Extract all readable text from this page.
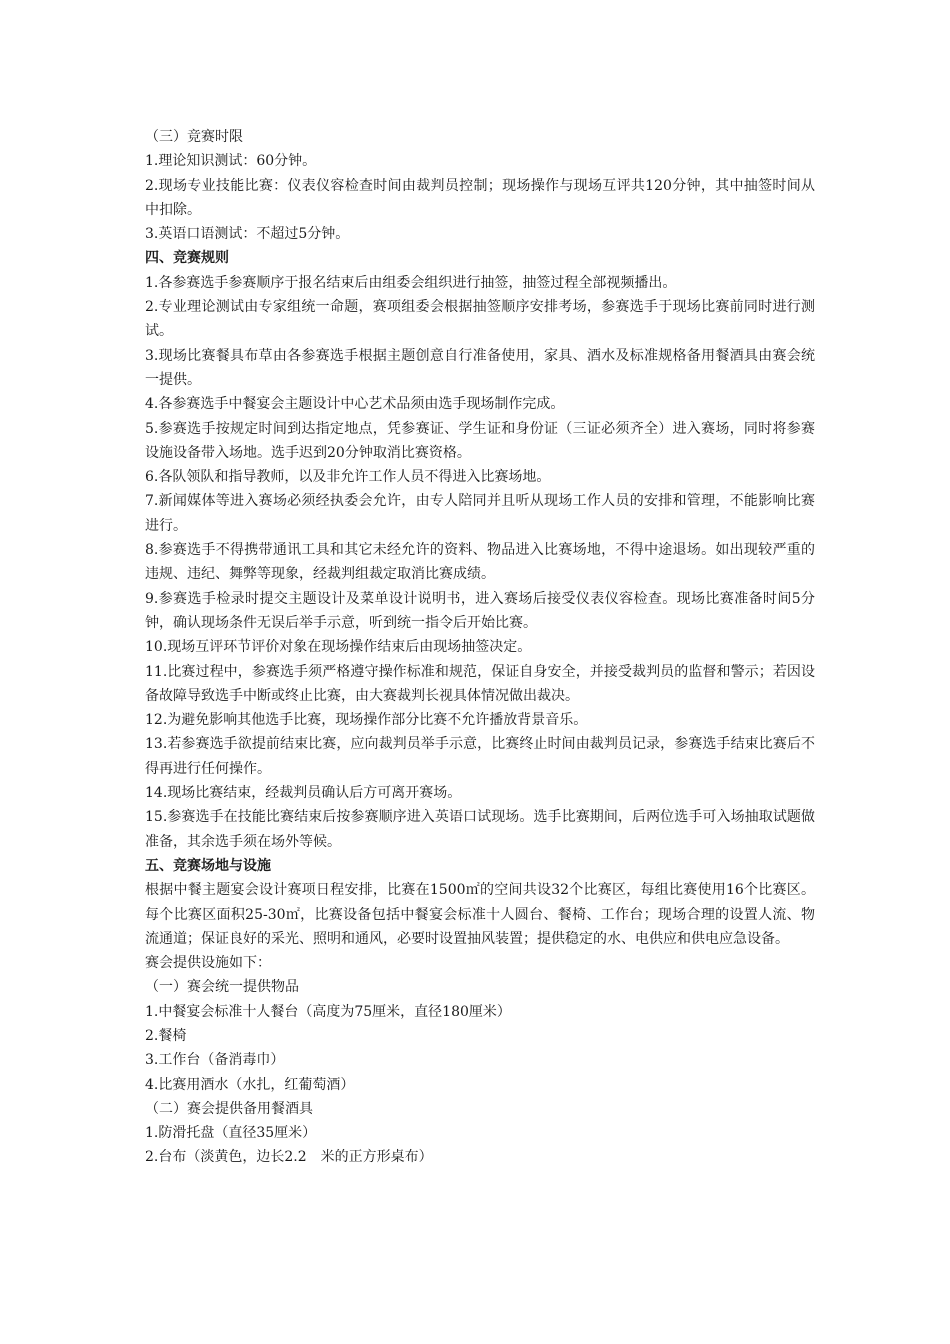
（三）竞赛时限

1.理论知识测试：60分钟。

2.现场专业技能比赛：仪表仪容检查时间由裁判员控制；现场操作与现场互评共120分钟，其中抽签时间从中扣除。

3.英语口语测试：不超过5分钟。

四、竞赛规则

1.各参赛选手参赛顺序于报名结束后由组委会组织进行抽签，抽签过程全部视频播出。

2.专业理论测试由专家组统一命题，赛项组委会根据抽签顺序安排考场，参赛选手于现场比赛前同时进行测试。

3.现场比赛餐具布草由各参赛选手根据主题创意自行准备使用，家具、酒水及标准规格备用餐酒具由赛会统一提供。

4.各参赛选手中餐宴会主题设计中心艺术品须由选手现场制作完成。

5.参赛选手按规定时间到达指定地点，凭参赛证、学生证和身份证（三证必须齐全）进入赛场，同时将参赛设施设备带入场地。选手迟到20分钟取消比赛资格。

6.各队领队和指导教师，以及非允许工作人员不得进入比赛场地。

7.新闻媒体等进入赛场必须经执委会允许，由专人陪同并且听从现场工作人员的安排和管理，不能影响比赛进行。

8.参赛选手不得携带通讯工具和其它未经允许的资料、物品进入比赛场地，不得中途退场。如出现较严重的违规、违纪、舞弊等现象，经裁判组裁定取消比赛成绩。

9.参赛选手检录时提交主题设计及菜单设计说明书，进入赛场后接受仪表仪容检查。现场比赛准备时间5分钟，确认现场条件无误后举手示意，听到统一指令后开始比赛。

10.现场互评环节评价对象在现场操作结束后由现场抽签决定。

11.比赛过程中，参赛选手须严格遵守操作标准和规范，保证自身安全，并接受裁判员的监督和警示；若因设备故障导致选手中断或终止比赛，由大赛裁判长视具体情况做出裁决。

12.为避免影响其他选手比赛，现场操作部分比赛不允许播放背景音乐。

13.若参赛选手欲提前结束比赛，应向裁判员举手示意，比赛终止时间由裁判员记录，参赛选手结束比赛后不得再进行任何操作。

14.现场比赛结束，经裁判员确认后方可离开赛场。

15.参赛选手在技能比赛结束后按参赛顺序进入英语口试现场。选手比赛期间，后两位选手可入场抽取试题做准备，其余选手须在场外等候。

五、竞赛场地与设施

根据中餐主题宴会设计赛项日程安排，比赛在1500㎡的空间共设32个比赛区，每组比赛使用16个比赛区。每个比赛区面积25-30㎡，比赛设备包括中餐宴会标准十人圆台、餐椅、工作台；现场合理的设置人流、物流通道；保证良好的采光、照明和通风，必要时设置抽风装置；提供稳定的水、电供应和供电应急设备。

赛会提供设施如下：

（一）赛会统一提供物品

1.中餐宴会标准十人餐台（高度为75厘米，直径180厘米）

2.餐椅

3.工作台（备消毒巾）

4.比赛用酒水（水扎，红葡萄酒）

（二）赛会提供备用餐酒具

1.防滑托盘（直径35厘米）

2.台布（淡黄色，边长2.2　米的正方形桌布）
